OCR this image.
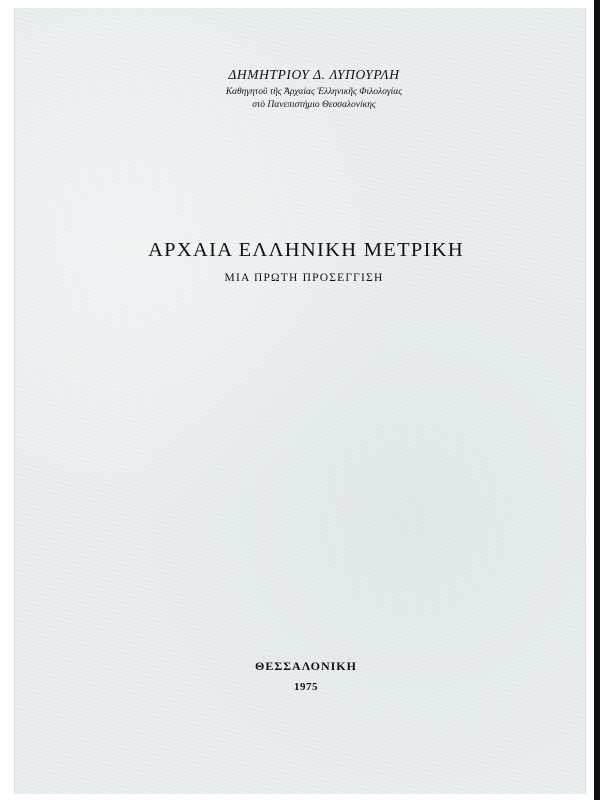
ΔΗΜΗΤΡΙΟΥ Δ. ΛΥΠΟΥΡΛΗ

Καθηγητοῦ τῆς Ἀρχαίας Ἑλληνικῆς Φιλολογίας

στὸ Πανεπιστήμιο Θεσσαλονίκης

ΑΡΧΑΙΑ ΕΛΛΗΝΙΚΗ ΜΕΤΡΙΚΗ
ΜΙΑ ΠΡΩΤΗ ΠΡΟΣΕΓΓΙΣΗ

ΘΕΣΣΑΛΟΝΙΚΗ

1975
